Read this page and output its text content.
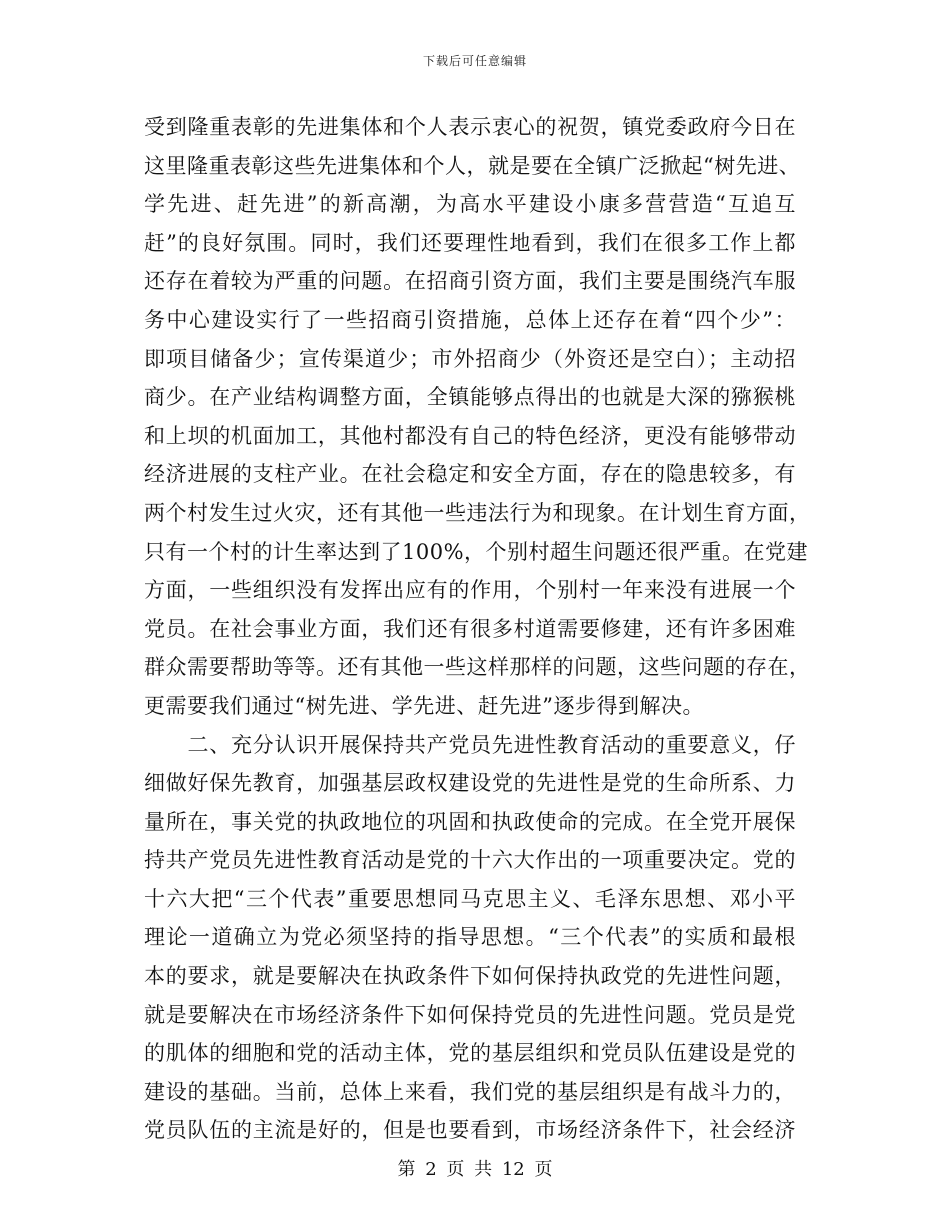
下载后可任意编辑
受到隆重表彰的先进集体和个人表示衷心的祝贺，镇党委政府今日在
这里隆重表彰这些先进集体和个人，就是要在全镇广泛掀起“树先进、
学先进、赶先进”的新高潮，为高水平建设小康多营营造“互追互
赶”的良好氛围。同时，我们还要理性地看到，我们在很多工作上都
还存在着较为严重的问题。在招商引资方面，我们主要是围绕汽车服
务中心建设实行了一些招商引资措施，总体上还存在着“四个少”：
即项目储备少；宣传渠道少；市外招商少（外资还是空白）；主动招
商少。在产业结构调整方面，全镇能够点得出的也就是大深的猕猴桃
和上坝的机面加工，其他村都没有自己的特色经济，更没有能够带动
经济进展的支柱产业。在社会稳定和安全方面，存在的隐患较多，有
两个村发生过火灾，还有其他一些违法行为和现象。在计划生育方面，
只有一个村的计生率达到了100%，个别村超生问题还很严重。在党建
方面，一些组织没有发挥出应有的作用，个别村一年来没有进展一个
党员。在社会事业方面，我们还有很多村道需要修建，还有许多困难
群众需要帮助等等。还有其他一些这样那样的问题，这些问题的存在，
更需要我们通过“树先进、学先进、赶先进”逐步得到解决。
　　二、充分认识开展保持共产党员先进性教育活动的重要意义，仔
细做好保先教育，加强基层政权建设党的先进性是党的生命所系、力
量所在，事关党的执政地位的巩固和执政使命的完成。在全党开展保
持共产党员先进性教育活动是党的十六大作出的一项重要决定。党的
十六大把“三个代表”重要思想同马克思主义、毛泽东思想、邓小平
理论一道确立为党必须坚持的指导思想。“三个代表”的实质和最根
本的要求，就是要解决在执政条件下如何保持执政党的先进性问题，
就是要解决在市场经济条件下如何保持党员的先进性问题。党员是党
的肌体的细胞和党的活动主体，党的基层组织和党员队伍建设是党的
建设的基础。当前，总体上来看，我们党的基层组织是有战斗力的，
党员队伍的主流是好的，但是也要看到，市场经济条件下，社会经济
第 2 页 共 12 页
